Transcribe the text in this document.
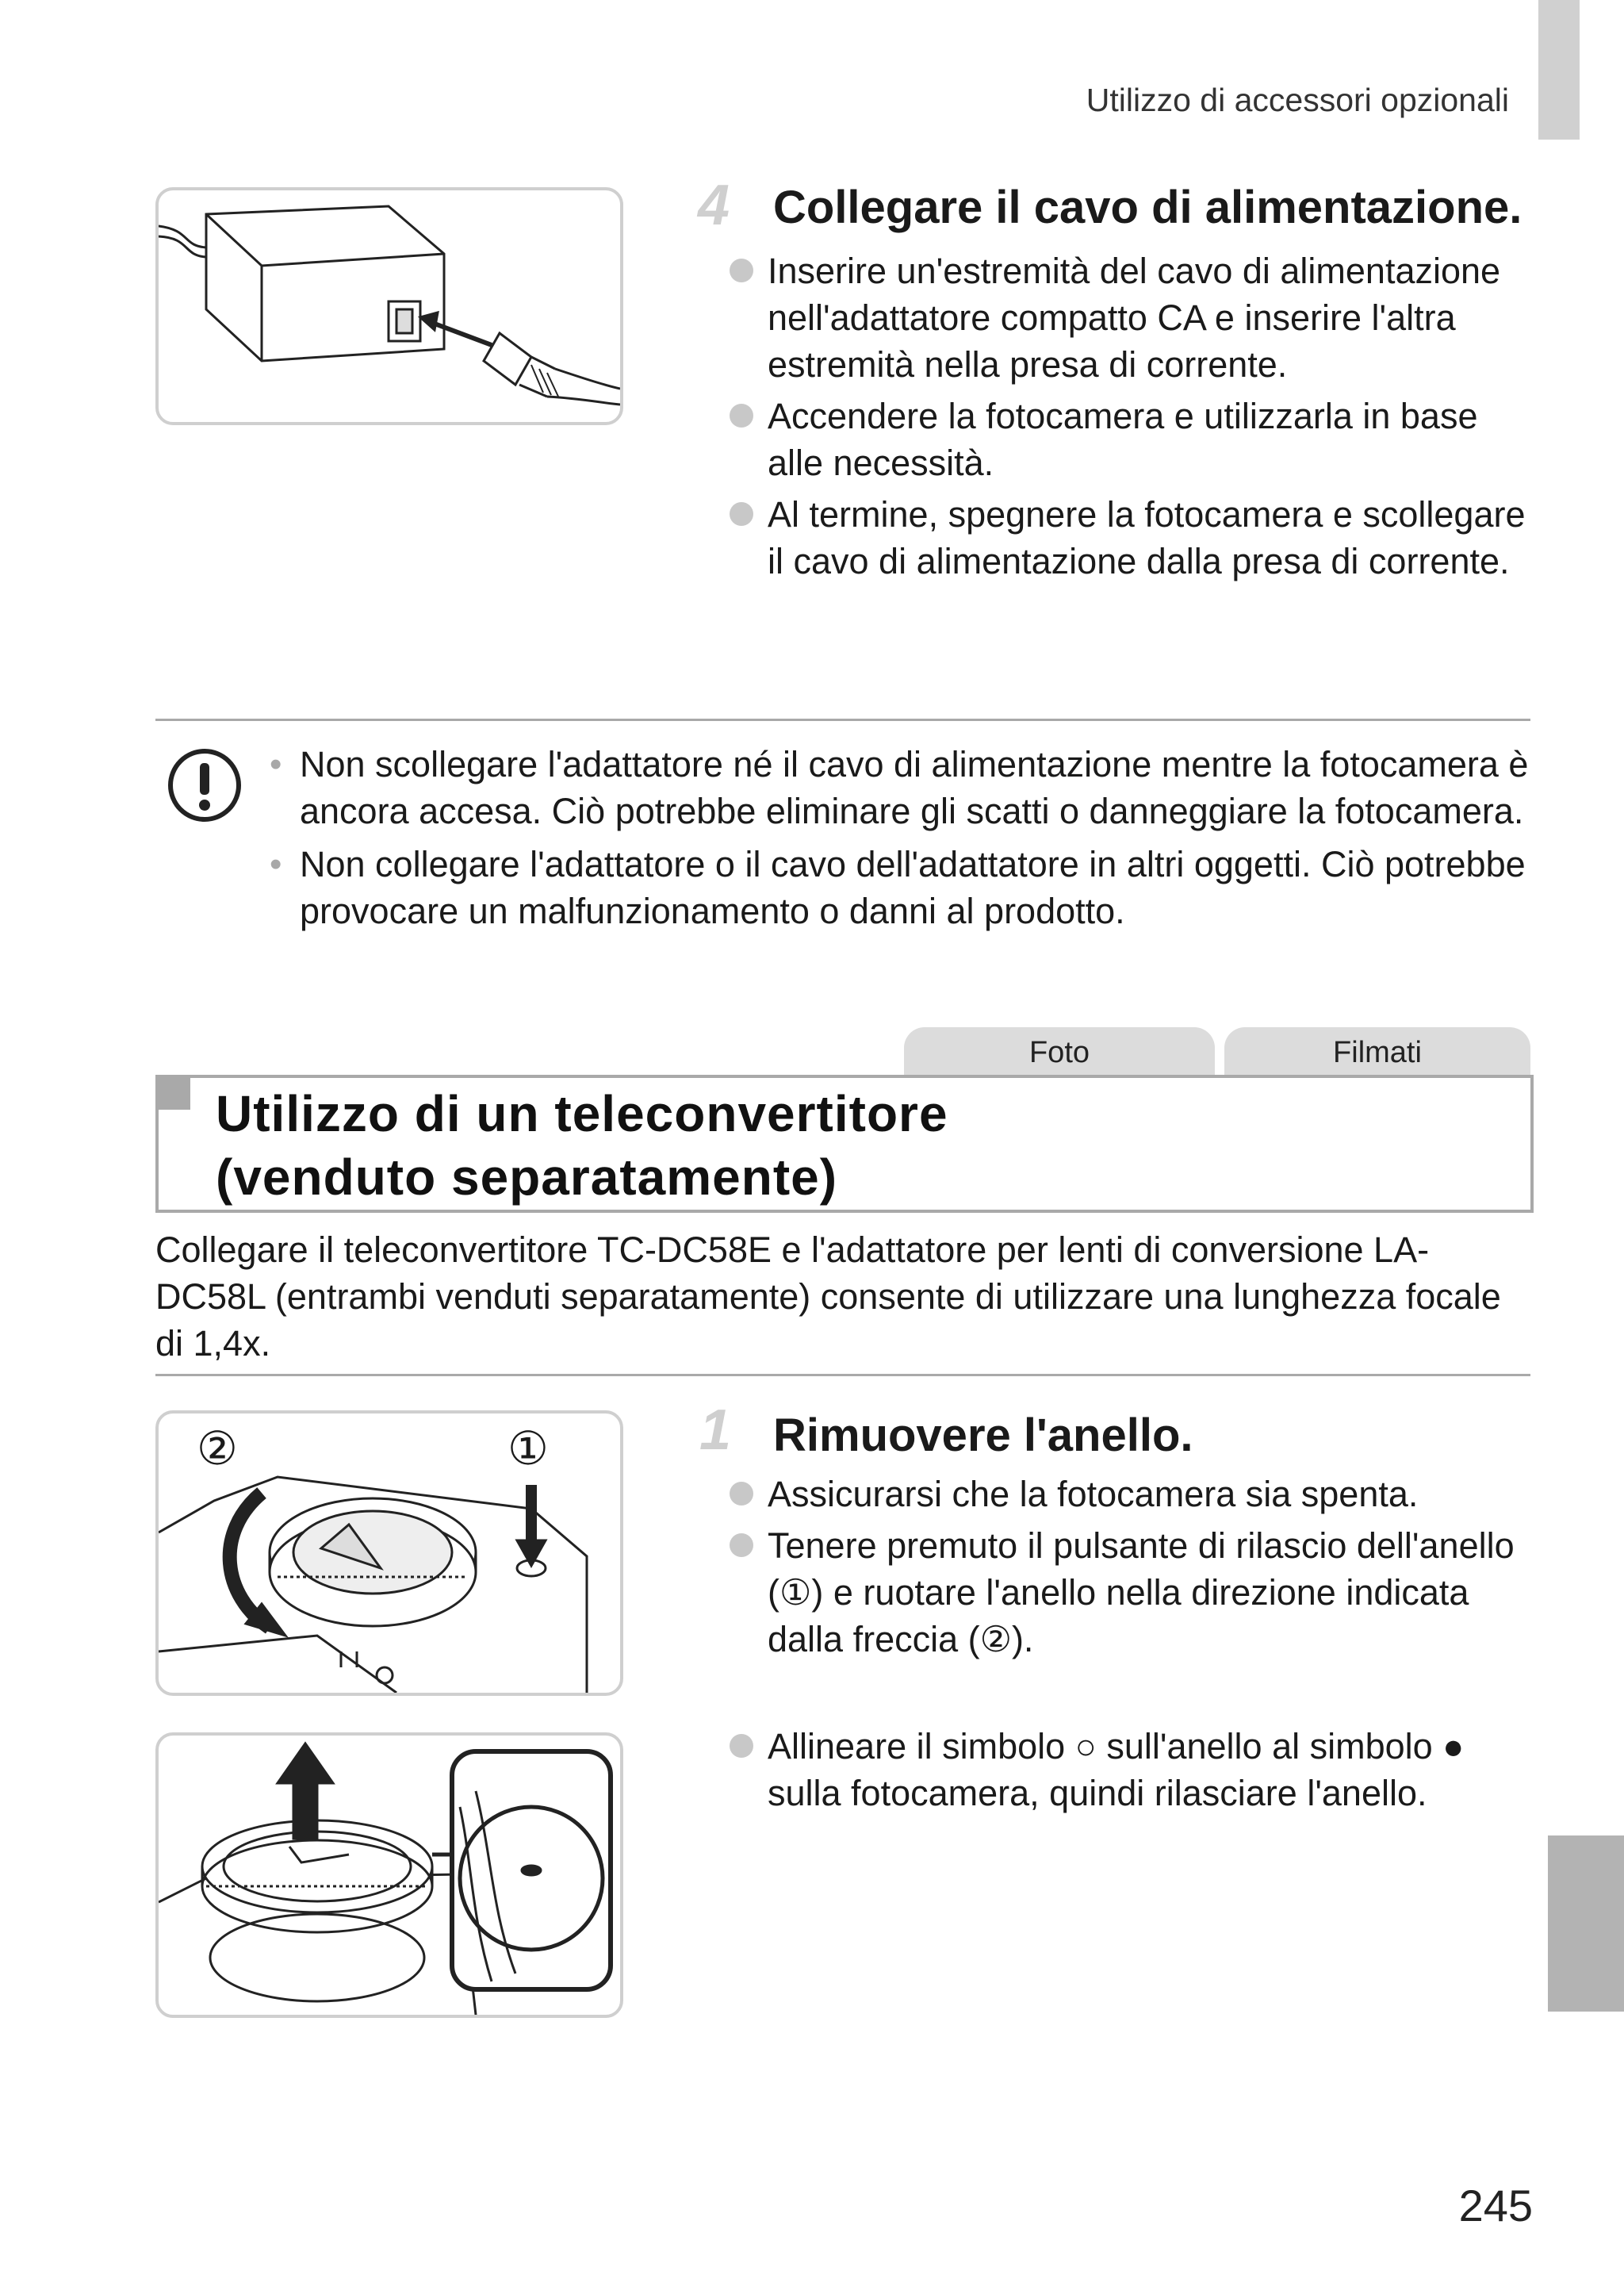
Utilizzo di accessori opzionali
4 Collegare il cavo di alimentazione.
Inserire un'estremità del cavo di alimentazione nell'adattatore compatto CA e inserire l'altra estremità nella presa di corrente.
Accendere la fotocamera e utilizzarla in base alle necessità.
Al termine, spegnere la fotocamera e scollegare il cavo di alimentazione dalla presa di corrente.
• Non scollegare l'adattatore né il cavo di alimentazione mentre la fotocamera è ancora accesa. Ciò potrebbe eliminare gli scatti o danneggiare la fotocamera.
• Non collegare l'adattatore o il cavo dell'adattatore in altri oggetti. Ciò potrebbe provocare un malfunzionamento o danni al prodotto.
Foto	Filmati
Utilizzo di un teleconvertitore
(venduto separatamente)
Collegare il teleconvertitore TC-DC58E e l'adattatore per lenti di conversione LA-DC58L (entrambi venduti separatamente) consente di utilizzare una lunghezza focale di 1,4x.
②	①	1 Rimuovere l'anello.
Assicurarsi che la fotocamera sia spenta.
Tenere premuto il pulsante di rilascio dell'anello (①) e ruotare l'anello nella direzione indicata dalla freccia (②).
Allineare il simbolo ○ sull'anello al simbolo ● sulla fotocamera, quindi rilasciare l'anello.
245
